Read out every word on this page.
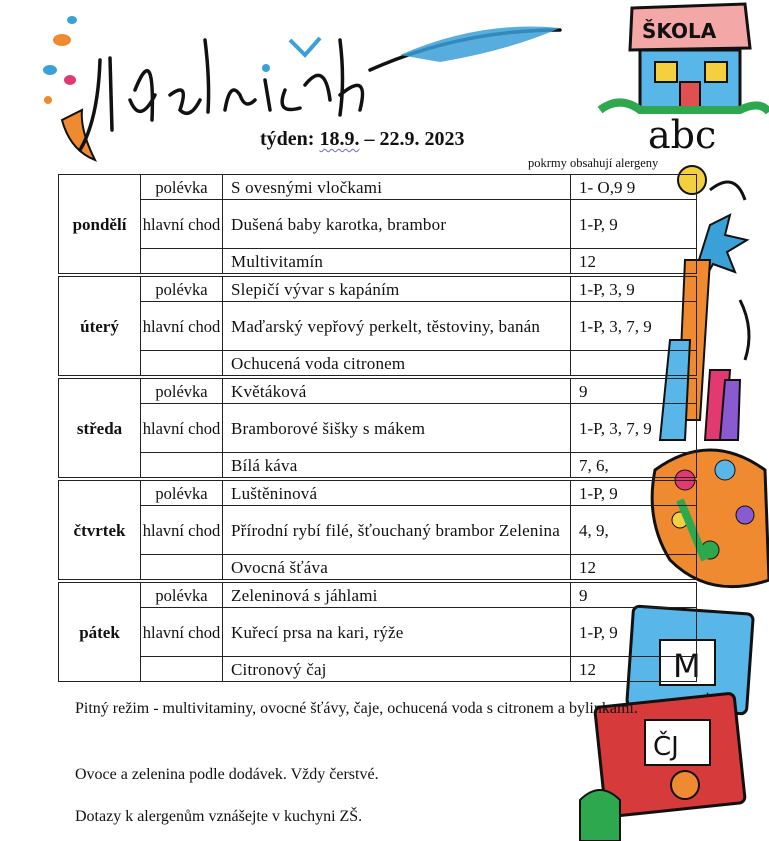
Jídelníček
ŠKOLA
abc
M
ČJ
týden: 18.9. – 22.9. 2023
pokrmy obsahují alergeny
pondělí	polévka	S ovesnými vločkami	1- O,9 9
	hlavní chod	Dušená baby karotka, brambor	1-P, 9
		Multivitamín	12

úterý	polévka	Slepičí vývar s kapáním	1-P, 3, 9
	hlavní chod	Maďarský vepřový perkelt, těstoviny, banán	1-P, 3, 7, 9
		Ochucená voda citronem	

středa	polévka	Květáková	9
	hlavní chod	Bramborové šišky s mákem	1-P, 3, 7, 9
		Bílá káva	7, 6,

čtvrtek	polévka	Luštěninová	1-P, 9
	hlavní chod	Přírodní rybí filé, šťouchaný brambor Zelenina	4, 9,
		Ovocná šťáva	12

pátek	polévka	Zeleninová s jáhlami	9
	hlavní chod	Kuřecí prsa na kari, rýže	1-P, 9
		Citronový čaj	12
Pitný režim - multivitaminy, ovocné šťávy, čaje, ochucená voda s citronem a bylinkami.
Ovoce a zelenina podle dodávek. Vždy čerstvé.
Dotazy k alergenům vznášejte v kuchyni ZŠ.
